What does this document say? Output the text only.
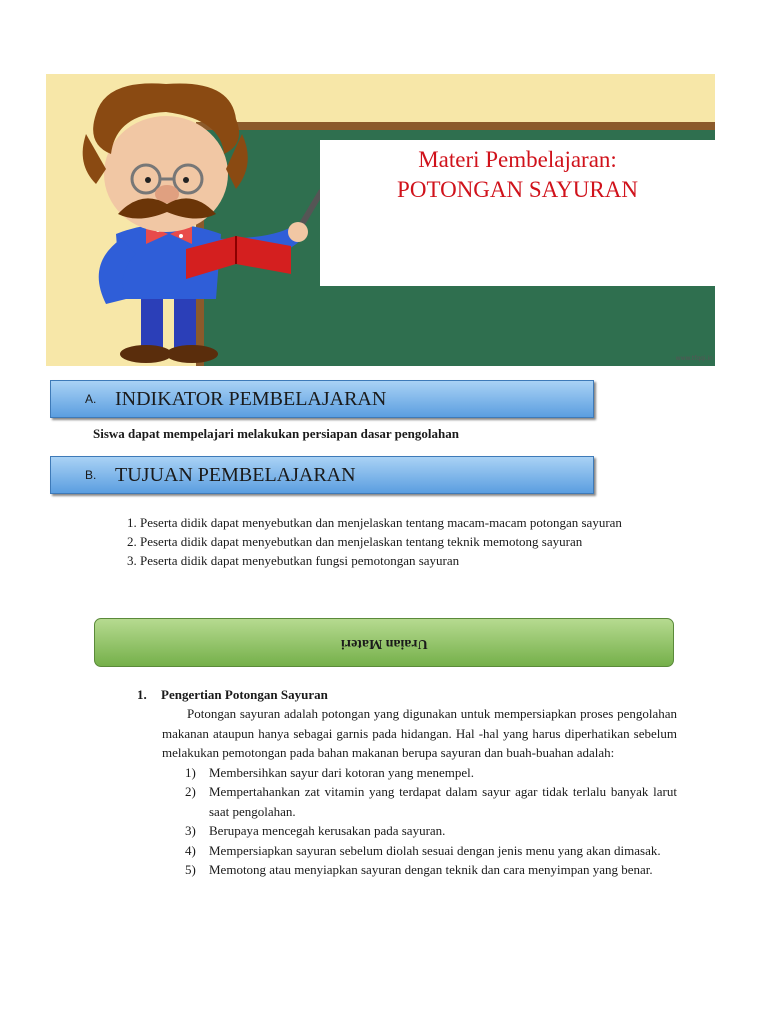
www.tfqqi.in
Materi Pembelajaran:
POTONGAN SAYURAN
A. INDIKATOR PEMBELAJARAN
Siswa dapat mempelajari melakukan persiapan dasar pengolahan
B. TUJUAN PEMBELAJARAN
1. Peserta didik dapat menyebutkan dan menjelaskan tentang macam-macam potongan sayuran
2. Peserta didik dapat menyebutkan dan menjelaskan tentang teknik memotong sayuran
3. Peserta didik dapat menyebutkan fungsi pemotongan sayuran
Uraian Materi
1. Pengertian Potongan Sayuran
Potongan sayuran adalah potongan yang digunakan untuk mempersiapkan proses pengolahan makanan ataupun hanya sebagai garnis pada hidangan. Hal -hal yang harus diperhatikan sebelum melakukan pemotongan pada bahan makanan berupa sayuran dan buah-buahan adalah:
1) Membersihkan sayur dari kotoran yang menempel.
2) Mempertahankan zat vitamin yang terdapat dalam sayur agar tidak terlalu banyak larut saat pengolahan.
3) Berupaya mencegah kerusakan pada sayuran.
4) Mempersiapkan sayuran sebelum diolah sesuai dengan jenis menu yang akan dimasak.
5) Memotong atau menyiapkan sayuran dengan teknik dan cara menyimpan yang benar.
